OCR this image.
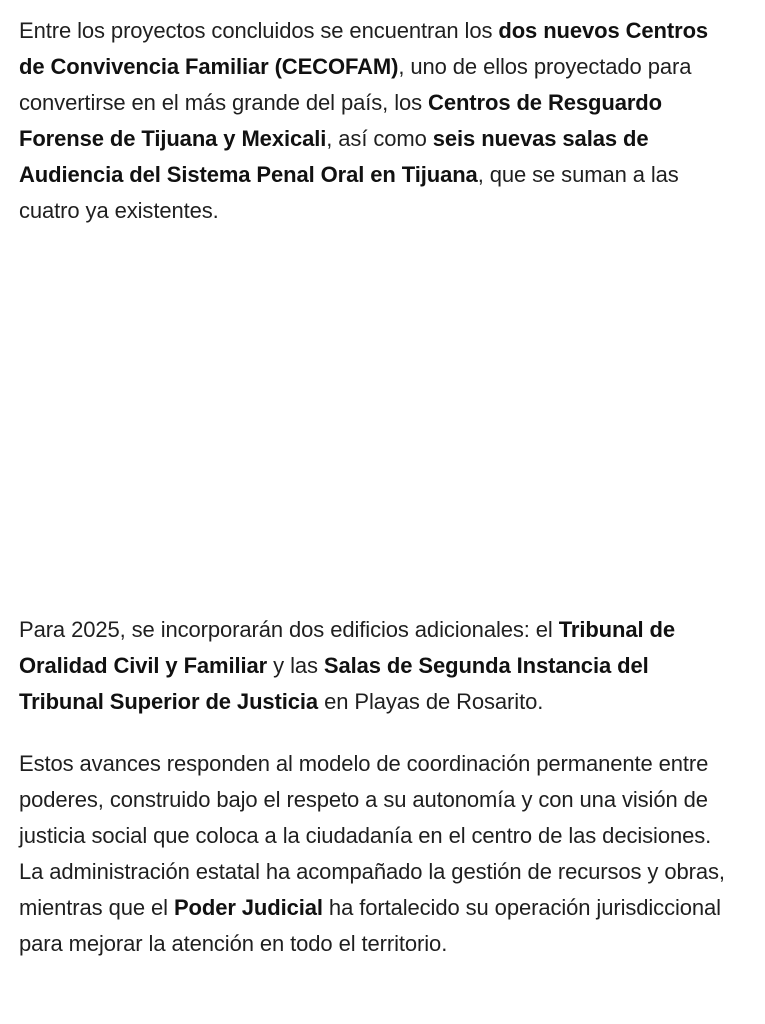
Entre los proyectos concluidos se encuentran los dos nuevos Centros de Convivencia Familiar (CECOFAM), uno de ellos proyectado para convertirse en el más grande del país, los Centros de Resguardo Forense de Tijuana y Mexicali, así como seis nuevas salas de Audiencia del Sistema Penal Oral en Tijuana, que se suman a las cuatro ya existentes.

Para 2025, se incorporarán dos edificios adicionales: el Tribunal de Oralidad Civil y Familiar y las Salas de Segunda Instancia del Tribunal Superior de Justicia en Playas de Rosarito.

Estos avances responden al modelo de coordinación permanente entre poderes, construido bajo el respeto a su autonomía y con una visión de justicia social que coloca a la ciudadanía en el centro de las decisiones. La administración estatal ha acompañado la gestión de recursos y obras, mientras que el Poder Judicial ha fortalecido su operación jurisdiccional para mejorar la atención en todo el territorio.
